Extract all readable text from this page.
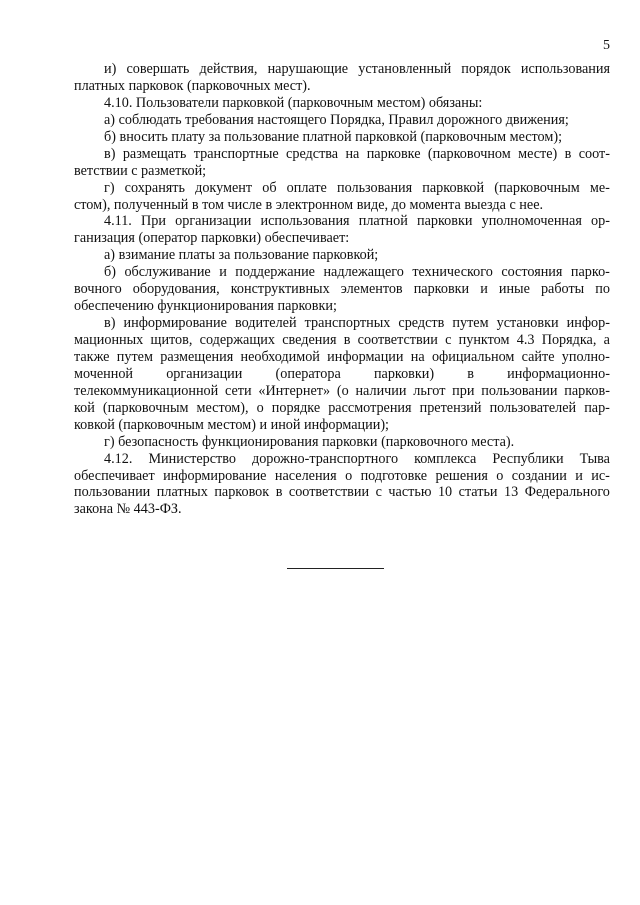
5
и) совершать действия, нарушающие установленный порядок использования
платных парковок (парковочных мест).
4.10. Пользователи парковкой (парковочным местом) обязаны:
а) соблюдать требования настоящего Порядка, Правил дорожного движения;
б) вносить плату за пользование платной парковкой (парковочным местом);
в) размещать транспортные средства на парковке (парковочном месте) в соот-
ветствии с разметкой;
г) сохранять документ об оплате пользования парковкой (парковочным ме-
стом), полученный в том числе в электронном виде, до момента выезда с нее.
4.11. При организации использования платной парковки уполномоченная ор-
ганизация (оператор парковки) обеспечивает:
а) взимание платы за пользование парковкой;
б) обслуживание и поддержание надлежащего технического состояния парко-
вочного оборудования, конструктивных элементов парковки и иные работы по
обеспечению функционирования парковки;
в) информирование водителей транспортных средств путем установки инфор-
мационных щитов, содержащих сведения в соответствии с пунктом 4.3 Порядка, а
также путем размещения необходимой информации на официальном сайте уполно-
моченной организации (оператора парковки) в информационно-
телекоммуникационной сети «Интернет» (о наличии льгот при пользовании парков-
кой (парковочным местом), о порядке рассмотрения претензий пользователей пар-
ковкой (парковочным местом) и иной информации);
г) безопасность функционирования парковки (парковочного места).
4.12. Министерство дорожно-транспортного комплекса Республики Тыва
обеспечивает информирование населения о подготовке решения о создании и ис-
пользовании платных парковок в соответствии с частью 10 статьи 13 Федерального
закона № 443-ФЗ.
